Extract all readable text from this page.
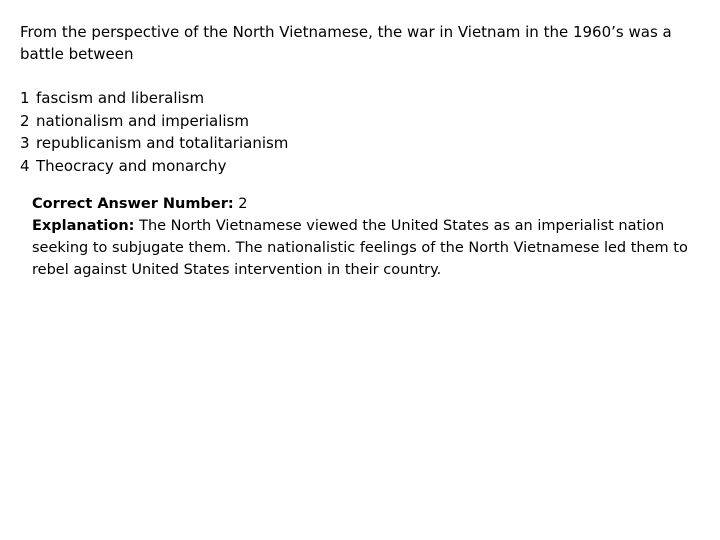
From the perspective of the North Vietnamese, the war in Vietnam in the 1960’s was a battle between
1 fascism and liberalism
2 nationalism and imperialism
3 republicanism and totalitarianism
4 Theocracy and monarchy
Correct Answer Number: 2
Explanation: The North Vietnamese viewed the United States as an imperialist nation seeking to subjugate them. The nationalistic feelings of the North Vietnamese led them to rebel against United States intervention in their country.
